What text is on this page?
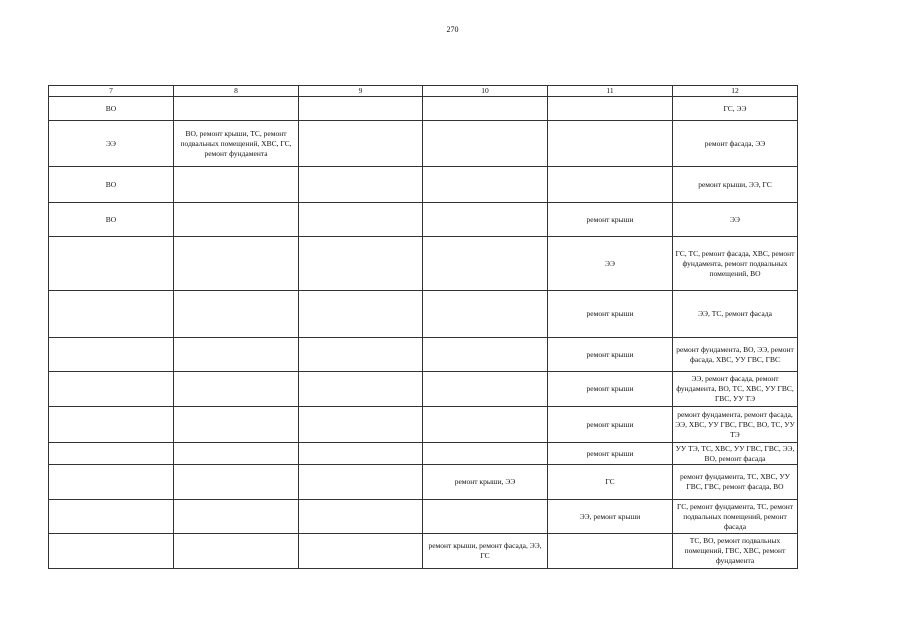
270
7	8	9	10	11	12
ВО					ГС, ЭЭ
ЭЭ	ВО, ремонт крыши, ТС, ремонт подвальных помещений, ХВС, ГС, ремонт фундамента				ремонт фасада, ЭЭ
ВО					ремонт крыши, ЭЭ, ГС
ВО				ремонт крыши	ЭЭ
				ЭЭ	ГС, ТС, ремонт фасада, ХВС, ремонт фундамента, ремонт подвальных помещений, ВО
				ремонт крыши	ЭЭ, ТС, ремонт фасада
				ремонт крыши	ремонт фундамента, ВО, ЭЭ, ремонт фасада, ХВС, УУ ГВС, ГВС
				ремонт крыши	ЭЭ, ремонт фасада, ремонт фундамента, ВО, ТС, ХВС, УУ ГВС, ГВС, УУ ТЭ
				ремонт крыши	ремонт фундамента, ремонт фасада, ЭЭ, ХВС, УУ ГВС, ГВС, ВО, ТС, УУ ТЭ
				ремонт крыши	УУ ТЭ, ТС, ХВС, УУ ГВС, ГВС, ЭЭ, ВО, ремонт фасада
			ремонт крыши, ЭЭ	ГС	ремонт фундамента, ТС, ХВС, УУ ГВС, ГВС, ремонт фасада, ВО
				ЭЭ, ремонт крыши	ГС, ремонт фундамента, ТС, ремонт подвальных помещений, ремонт фасада
			ремонт крыши, ремонт фасада, ЭЭ, ГС		ТС, ВО, ремонт подвальных помещений, ГВС, ХВС, ремонт фундамента
